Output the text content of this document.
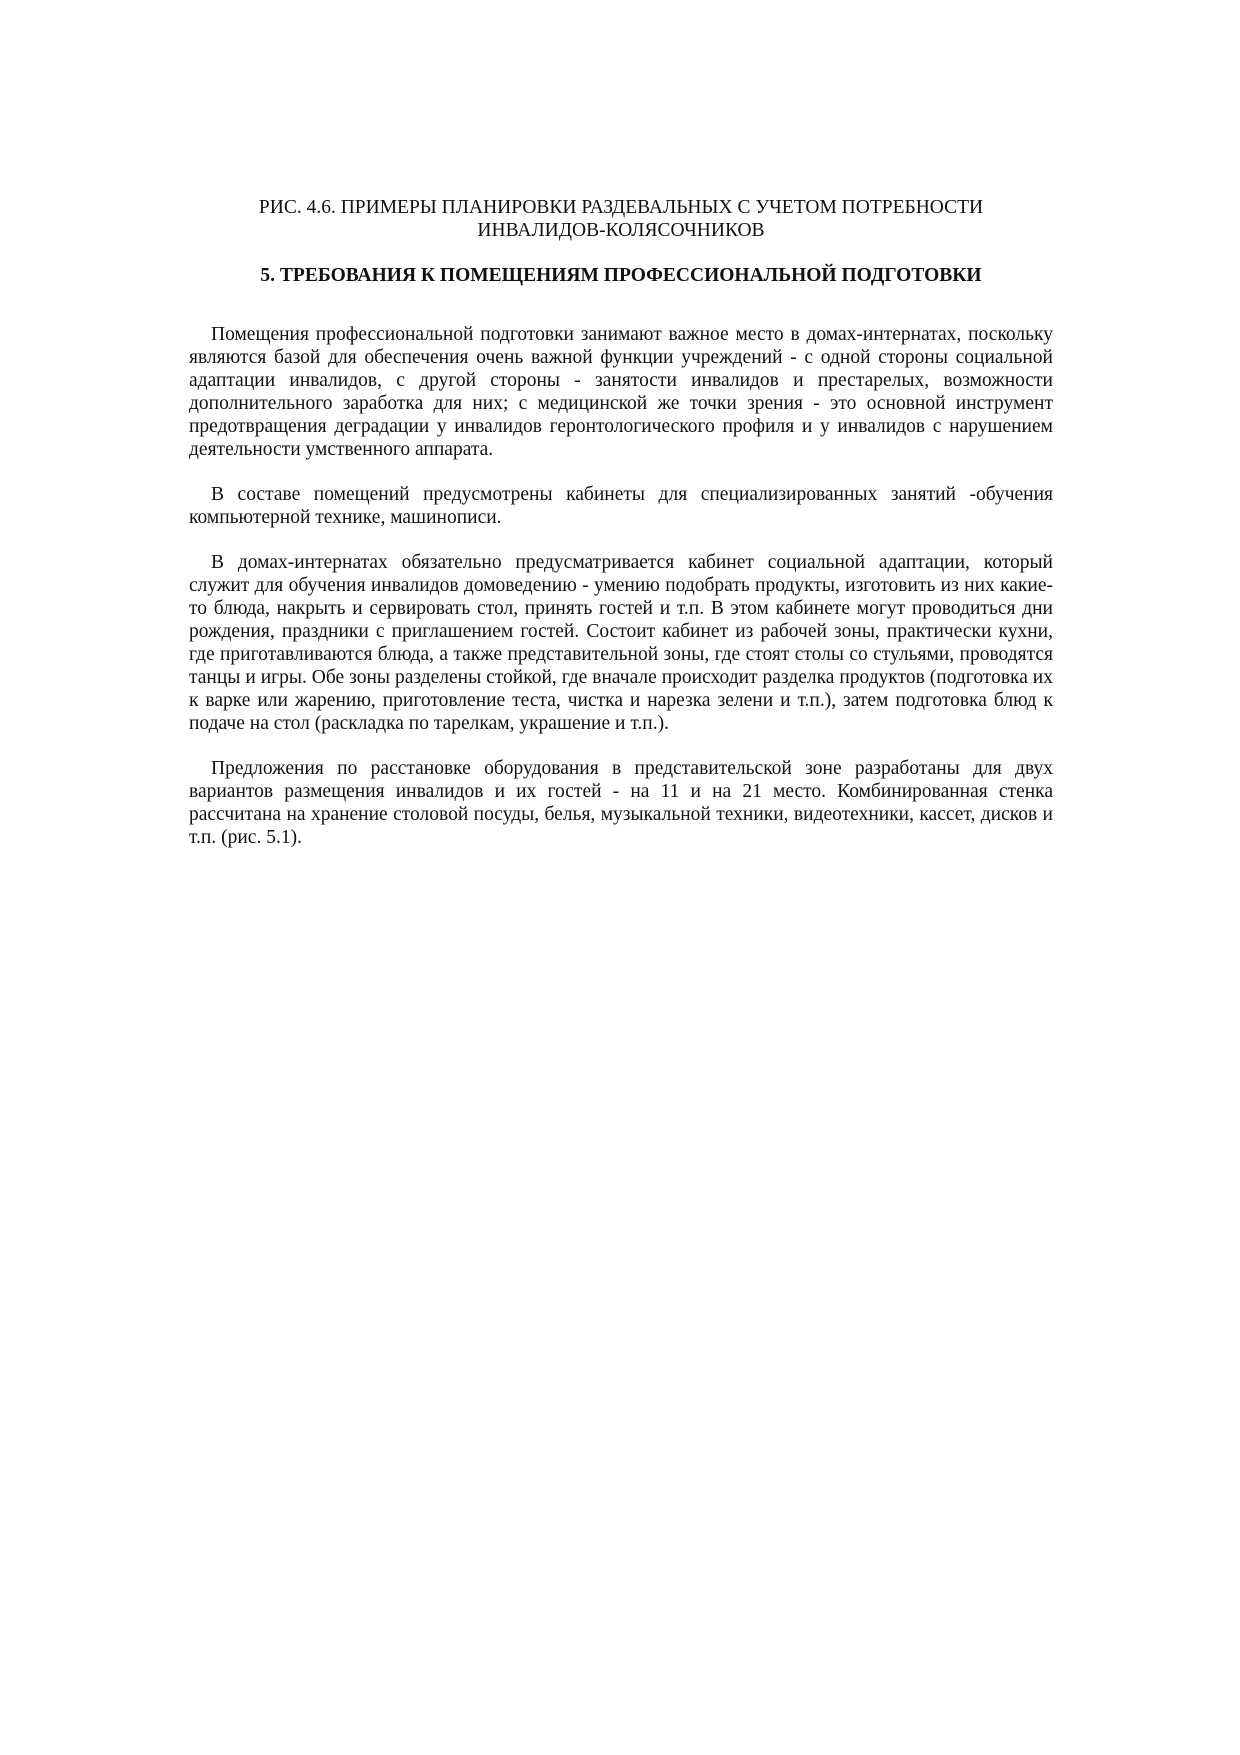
РИС. 4.6. ПРИМЕРЫ ПЛАНИРОВКИ РАЗДЕВАЛЬНЫХ С УЧЕТОМ ПОТРЕБНОСТИ
ИНВАЛИДОВ-КОЛЯСОЧНИКОВ

5. ТРЕБОВАНИЯ К ПОМЕЩЕНИЯМ ПРОФЕССИОНАЛЬНОЙ ПОДГОТОВКИ

Помещения профессиональной подготовки занимают важное место в домах-интернатах, поскольку являются базой для обеспечения очень важной функции учреждений - с одной стороны социальной адаптации инвалидов, с другой стороны - занятости инвалидов и престарелых, возможности дополнительного заработка для них; с медицинской же точки зрения - это основной инструмент предотвращения деградации у инвалидов геронтологического профиля и у инвалидов с нарушением деятельности умственного аппарата.

В составе помещений предусмотрены кабинеты для специализированных занятий -обучения компьютерной технике, машинописи.

В домах-интернатах обязательно предусматривается кабинет социальной адаптации, который служит для обучения инвалидов домоведению - умению подобрать продукты, изготовить из них какие-то блюда, накрыть и сервировать стол, принять гостей и т.п. В этом кабинете могут проводиться дни рождения, праздники с приглашением гостей. Состоит кабинет из рабочей зоны, практически кухни, где приготавливаются блюда, а также представительной зоны, где стоят столы со стульями, проводятся танцы и игры. Обе зоны разделены стойкой, где вначале происходит разделка продуктов (подготовка их к варке или жарению, приготовление теста, чистка и нарезка зелени и т.п.), затем подготовка блюд к подаче на стол (раскладка по тарелкам, украшение и т.п.).

Предложения по расстановке оборудования в представительской зоне разработаны для двух вариантов размещения инвалидов и их гостей - на 11 и на 21 место. Комбинированная стенка рассчитана на хранение столовой посуды, белья, музыкальной техники, видеотехники, кассет, дисков и т.п. (рис. 5.1).
